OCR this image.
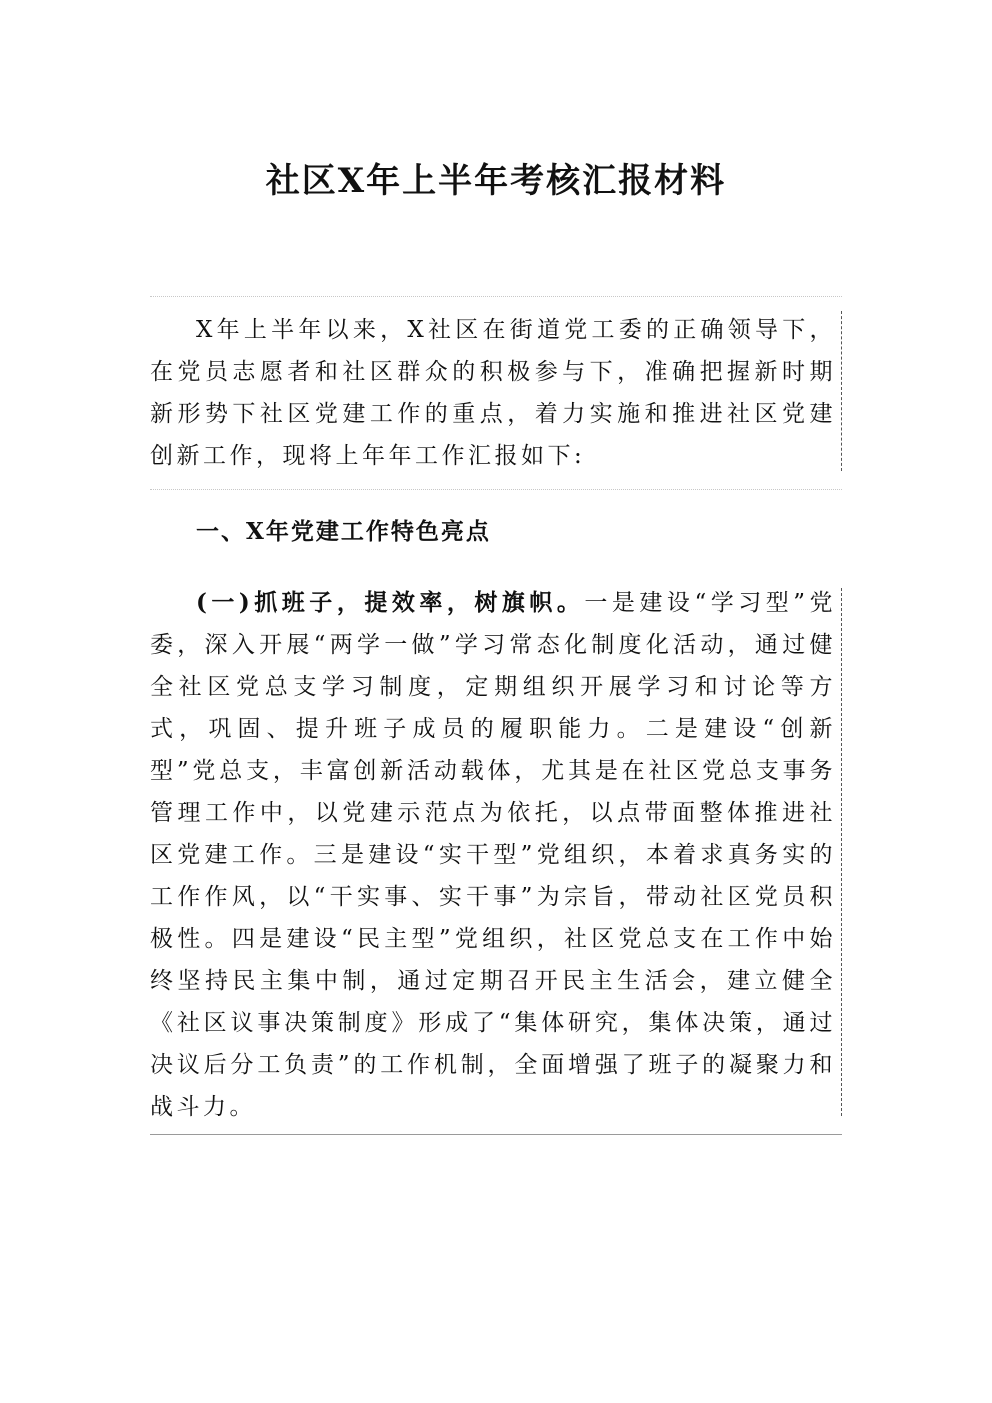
社区X年上半年考核汇报材料
X年上半年以来，X社区在街道党工委的正确领导下，在党员志愿者和社区群众的积极参与下，准确把握新时期新形势下社区党建工作的重点，着力实施和推进社区党建创新工作，现将上年年工作汇报如下:
一、X年党建工作特色亮点
(一)抓班子，提效率，树旗帜。一是建设“学习型”党委，深入开展“两学一做”学习常态化制度化活动，通过健全社区党总支学习制度，定期组织开展学习和讨论等方式，巩固、提升班子成员的履职能力。二是建设“创新型”党总支，丰富创新活动载体，尤其是在社区党总支事务管理工作中，以党建示范点为依托，以点带面整体推进社区党建工作。三是建设“实干型”党组织，本着求真务实的工作作风，以“干实事、实干事”为宗旨，带动社区党员积极性。四是建设“民主型”党组织，社区党总支在工作中始终坚持民主集中制，通过定期召开民主生活会，建立健全《社区议事决策制度》形成了“集体研究，集体决策，通过决议后分工负责”的工作机制，全面增强了班子的凝聚力和战斗力。
